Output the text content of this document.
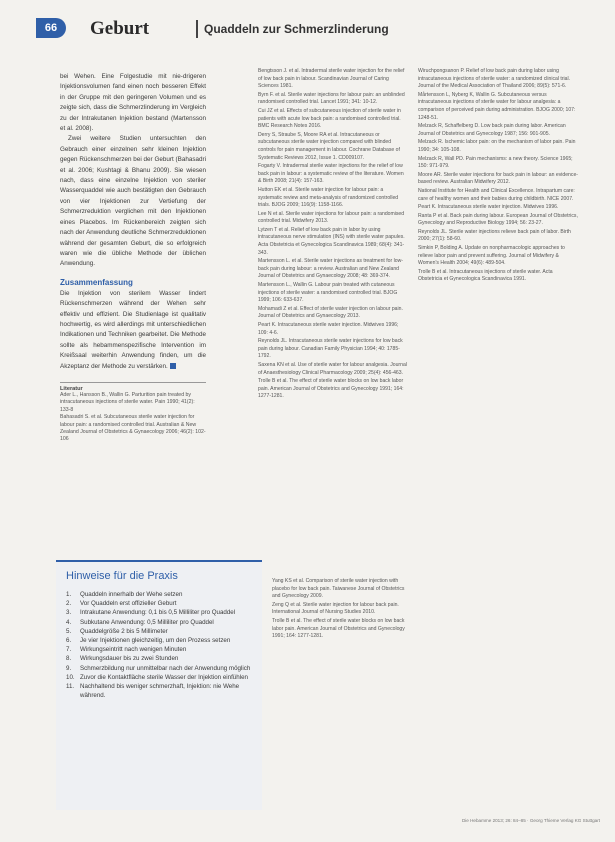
66	Geburt	Quaddeln zur Schmerzlinderung

bei Wehen. Eine Folgestudie mit nie-drigeren Injektionsvolumen fand einen noch besseren Effekt in der Gruppe mit den geringeren Volumen und es zeigte sich, dass die Schmerzlinderung im Vergleich zu der Intrakutanen Injektion bestand (Martensson et al. 2008).

Zwei weitere Studien untersuchten den Gebrauch einer einzelnen sehr kleinen Injektion gegen Rückenschmerzen bei der Geburt (Bahasadri et al. 2006; Kushtagi & Bhanu 2009). Sie wiesen nach, dass eine einzelne Injektion von steriler Wasserquaddel wie auch bestätigten den Gebrauch von vier Injektionen zur Vertiefung der Schmerzreduktion verglichen mit den Injektionen eines Placebos. Im Rückenbereich zeigten sich nach der Anwendung deutliche Schmerzreduktionen während der gesamten Geburt, die so erfolgreich waren wie die übliche Methode der üblichen Anwendung.

Zusammenfassung
Die Injektion von sterilem Wasser lindert Rückenschmerzen während der Wehen sehr effektiv und effizient. Die Studienlage ist qualitativ hochwertig, es wird allerdings mit unterschiedlichen Indikationen und Techniken gearbeitet. Die Methode sollte als hebammenspezifische Intervention im Kreißsaal weiterhin Anwendung finden, um die Akzeptanz der Methode zu verstärken.
Literatur
Ader L., Hansson B., Wallin G. Parturition pain treated by intracutaneous injections of sterile water. Pain 1990; 41(2): 133-8
Bahasadri S. et al. Subcutaneous sterile water injection for labour pain: a randomised controlled trial. Australian & New Zealand Journal of Obstetrics & Gynaecology 2006; 46(2): 102-106
Bengtsson J. et al. Intradermal sterile water injection for the relief of low back pain in labour. Scandinavian Journal of Caring Sciences 1981.
Byrn F. et al. Sterile water injections for labour pain: an unblinded randomised controlled trial. Lancet 1991; 341: 10-12.
Cui JZ et al. Effects of subcutaneous injection of sterile water in patients with acute low back pain: a randomised controlled trial. BMC Research Notes 2016.
Derry S, Straube S, Moore RA et al. Intracutaneous or subcutaneous sterile water injection compared with blinded controls for pain management in labour. Cochrane Database of Systematic Reviews 2012, Issue 1. CD009107.
Fogarty V. Intradermal sterile water injections for the relief of low back pain in labour: a systematic review of the literature. Women & Birth 2008; 21(4): 157-163.
Hutton EK et al. Sterile water injection for labour pain: a systematic review and meta-analysis of randomized controlled trials. BJOG 2009; 116(9): 1158-1166.
Lee N et al. Sterile water injections for labour pain: a randomised controlled trial. Midwifery 2013.
Lytzen T et al. Relief of low back pain in labor by using intracutaneous nerve stimulation (INS) with sterile water papules. Acta Obstetricia et Gynecologica Scandinavica 1989; 68(4): 341-343.
Martensson L. et al. Sterile water injections as treatment for low-back pain during labour: a review. Australian and New Zealand Journal of Obstetrics and Gynaecology 2008; 48: 369-374.
Martensson L., Wallin G. Labour pain treated with cutaneous injections of sterile water: a randomised controlled trial. BJOG 1999; 106: 633-637.
Mohamadi Z et al. Effect of sterile water injection on labour pain. Journal of Obstetrics and Gynaecology 2013.
Peart K. Intracutaneous sterile water injection. Midwives 1996; 109: 4-6.
Reynolds JL. Intracutaneous sterile water injections for low back pain during labour. Canadian Family Physician 1994; 40: 1785-1792.
Saxena KN et al. Use of sterile water for labour analgesia. Journal of Anaesthesiology Clinical Pharmacology 2009; 25(4): 456-463.
Trolle B et al. The effect of sterile water blocks on low back labor pain. American Journal of Obstetrics and Gynecology 1991; 164: 1277-1281.
Yang KS et al. Comparison of sterile water injection with placebo for low back pain. Taiwanese Journal of Obstetrics and Gynecology 2009.
Zeng Q et al. Sterile water injection for labour back pain. International Journal of Nursing Studies 2010.
Trolle B et al. The effect of sterile water blocks on low back labor pain. American Journal of Obstetrics and Gynecology 1991; 164: 1277-1281.
Wiruchpongsanon P. Relief of low back pain during labor using intracutaneous injections of sterile water: a randomized clinical trial. Journal of the Medical Association of Thailand 2006; 89(5): 571-6.
Mårtensson L, Nyberg K, Wallin G. Subcutaneous versus intracutaneous injections of sterile water for labour analgesia: a comparison of perceived pain during administration. BJOG 2000; 107: 1248-51.
Melzack R, Schaffelberg D. Low back pain during labor. American Journal of Obstetrics and Gynecology 1987; 156: 901-905.
Melzack R. Ischemic labor pain: on the mechanism of labor pain. Pain 1990; 34: 105-108.
Melzack R, Wall PD. Pain mechanisms: a new theory. Science 1965; 150: 971-979.
Moore AR. Sterile water injections for back pain in labour: an evidence-based review. Australian Midwifery 2012.
National Institute for Health and Clinical Excellence. Intrapartum care: care of healthy women and their babies during childbirth. NICE 2007.
Peart K. Intracutaneous sterile water injection. Midwives 1996.
Ranta P et al. Back pain during labour. European Journal of Obstetrics, Gynecology and Reproductive Biology 1994; 56: 23-27.
Reynolds JL. Sterile water injections relieve back pain of labor. Birth 2000; 27(1): 58-60.
Simkin P, Bolding A. Update on nonpharmacologic approaches to relieve labor pain and prevent suffering. Journal of Midwifery & Women's Health 2004; 49(6): 489-504.
Trolle B et al. Intracutaneous injections of sterile water. Acta Obstetricia et Gynecologica Scandinavica 1991.
Hinweise für die Praxis
1.	Quaddeln innerhalb der Wehe setzen
2.	Vor Quaddeln erst offizieller Geburt
3.	Intrakutane Anwendung: 0,1 bis 0,5 Milliliter pro Quaddel
4.	Subkutane Anwendung: 0,5 Milliliter pro Quaddel
5.	Quaddelgröße 2 bis 5 Millimeter
6.	Je vier Injektionen gleichzeitig, um den Prozess setzen
7.	Wirkungseintritt nach wenigen Minuten
8.	Wirkungsdauer bis zu zwei Stunden
9.	Schmerzbildung nur unmittelbar nach der Anwendung möglich
10. Zuvor die Kontaktfläche sterile Wasser der Injektion einfühlen
11. Nachhaltend bis weniger schmerzhaft, Injektion: nie Wehe während.
Die Hebamme 2013; 26: 84–85 · Georg Thieme Verlag KG Stuttgart
